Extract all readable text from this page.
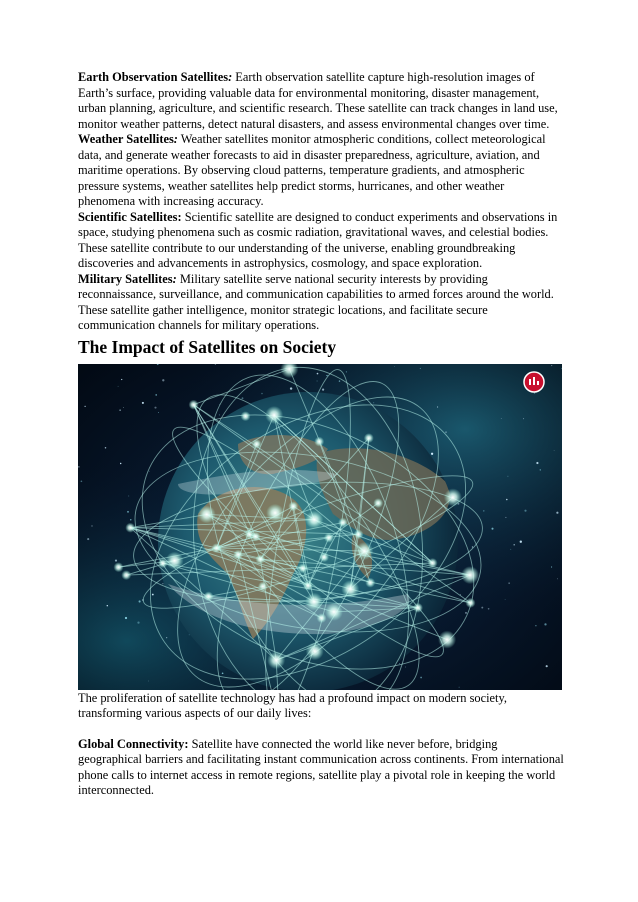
Earth Observation Satellites: Earth observation satellite capture high-resolution images of Earth’s surface, providing valuable data for environmental monitoring, disaster management, urban planning, agriculture, and scientific research. These satellite can track changes in land use, monitor weather patterns, detect natural disasters, and assess environmental changes over time.

Weather Satellites: Weather satellites monitor atmospheric conditions, collect meteorological data, and generate weather forecasts to aid in disaster preparedness, agriculture, aviation, and maritime operations. By observing cloud patterns, temperature gradients, and atmospheric pressure systems, weather satellites help predict storms, hurricanes, and other weather phenomena with increasing accuracy.

Scientific Satellites: Scientific satellite are designed to conduct experiments and observations in space, studying phenomena such as cosmic radiation, gravitational waves, and celestial bodies. These satellite contribute to our understanding of the universe, enabling groundbreaking discoveries and advancements in astrophysics, cosmology, and space exploration.

Military Satellites: Military satellite serve national security interests by providing reconnaissance, surveillance, and communication capabilities to armed forces around the world. These satellite gather intelligence, monitor strategic locations, and facilitate secure communication channels for military operations.

The Impact of Satellites on Society

The proliferation of satellite technology has had a profound impact on modern society, transforming various aspects of our daily lives:

Global Connectivity: Satellite have connected the world like never before, bridging geographical barriers and facilitating instant communication across continents. From international phone calls to internet access in remote regions, satellite play a pivotal role in keeping the world interconnected.
